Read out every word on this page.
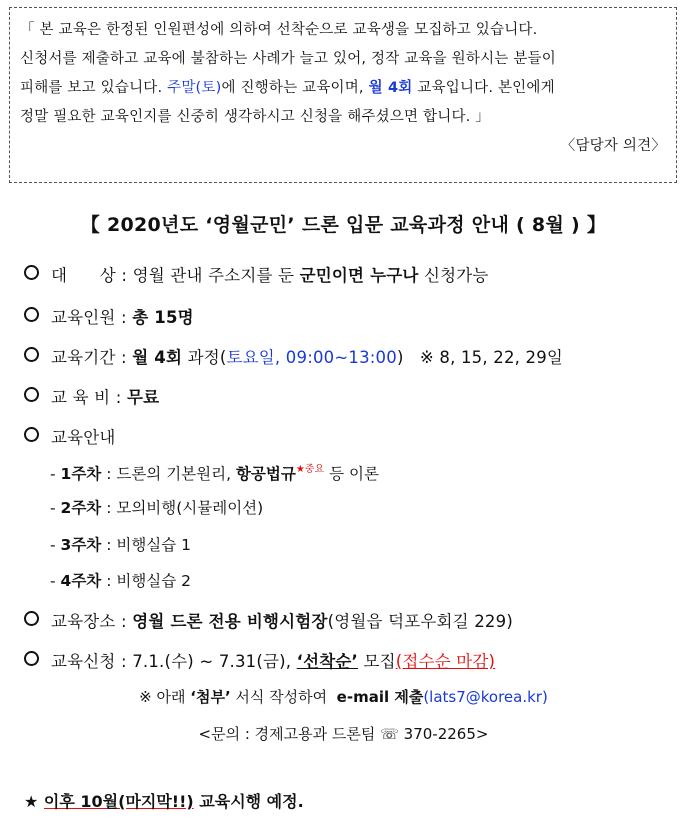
「 본 교육은 한정된 인원편성에 의하여 선착순으로 교육생을 모집하고 있습니다.
신청서를 제출하고 교육에 불참하는 사례가 늘고 있어, 정작 교육을 원하시는 분들이
피해를 보고 있습니다. 주말(토)에 진행하는 교육이며, 월 4회 교육입니다. 본인에게
정말 필요한 교육인지를 신중히 생각하시고 신청을 해주셨으면 합니다. 」
〈담당자 의견〉
【 2020년도 ‘영월군민’ 드론 입문 교육과정 안내 ( 8월 ) 】
대      상 : 영월 관내 주소지를 둔 군민이면 누구나 신청가능
교육인원 : 총 15명
교육기간 : 월 4회 과정(토요일, 09:00~13:00)   ※ 8, 15, 22, 29일
교 육 비 : 무료
교육안내
- 1주차 : 드론의 기본원리, 항공법규$^{★중요}$ 등 이론
- 2주차 : 모의비행(시뮬레이션)
- 3주차 : 비행실습 1
- 4주차 : 비행실습 2
교육장소 : 영월 드론 전용 비행시험장(영월읍 덕포우회길 229)
교육신청 : 7.1.(수) ~ 7.31(금), ‘선착순’ 모집(접수순 마감)
※ 아래 ‘첨부’ 서식 작성하여  e-mail 제출(lats7@korea.kr)
<문의 : 경제고용과 드론팀 ☏ 370-2265>
★ 이후 10월(마지막!!) 교육시행 예정.
